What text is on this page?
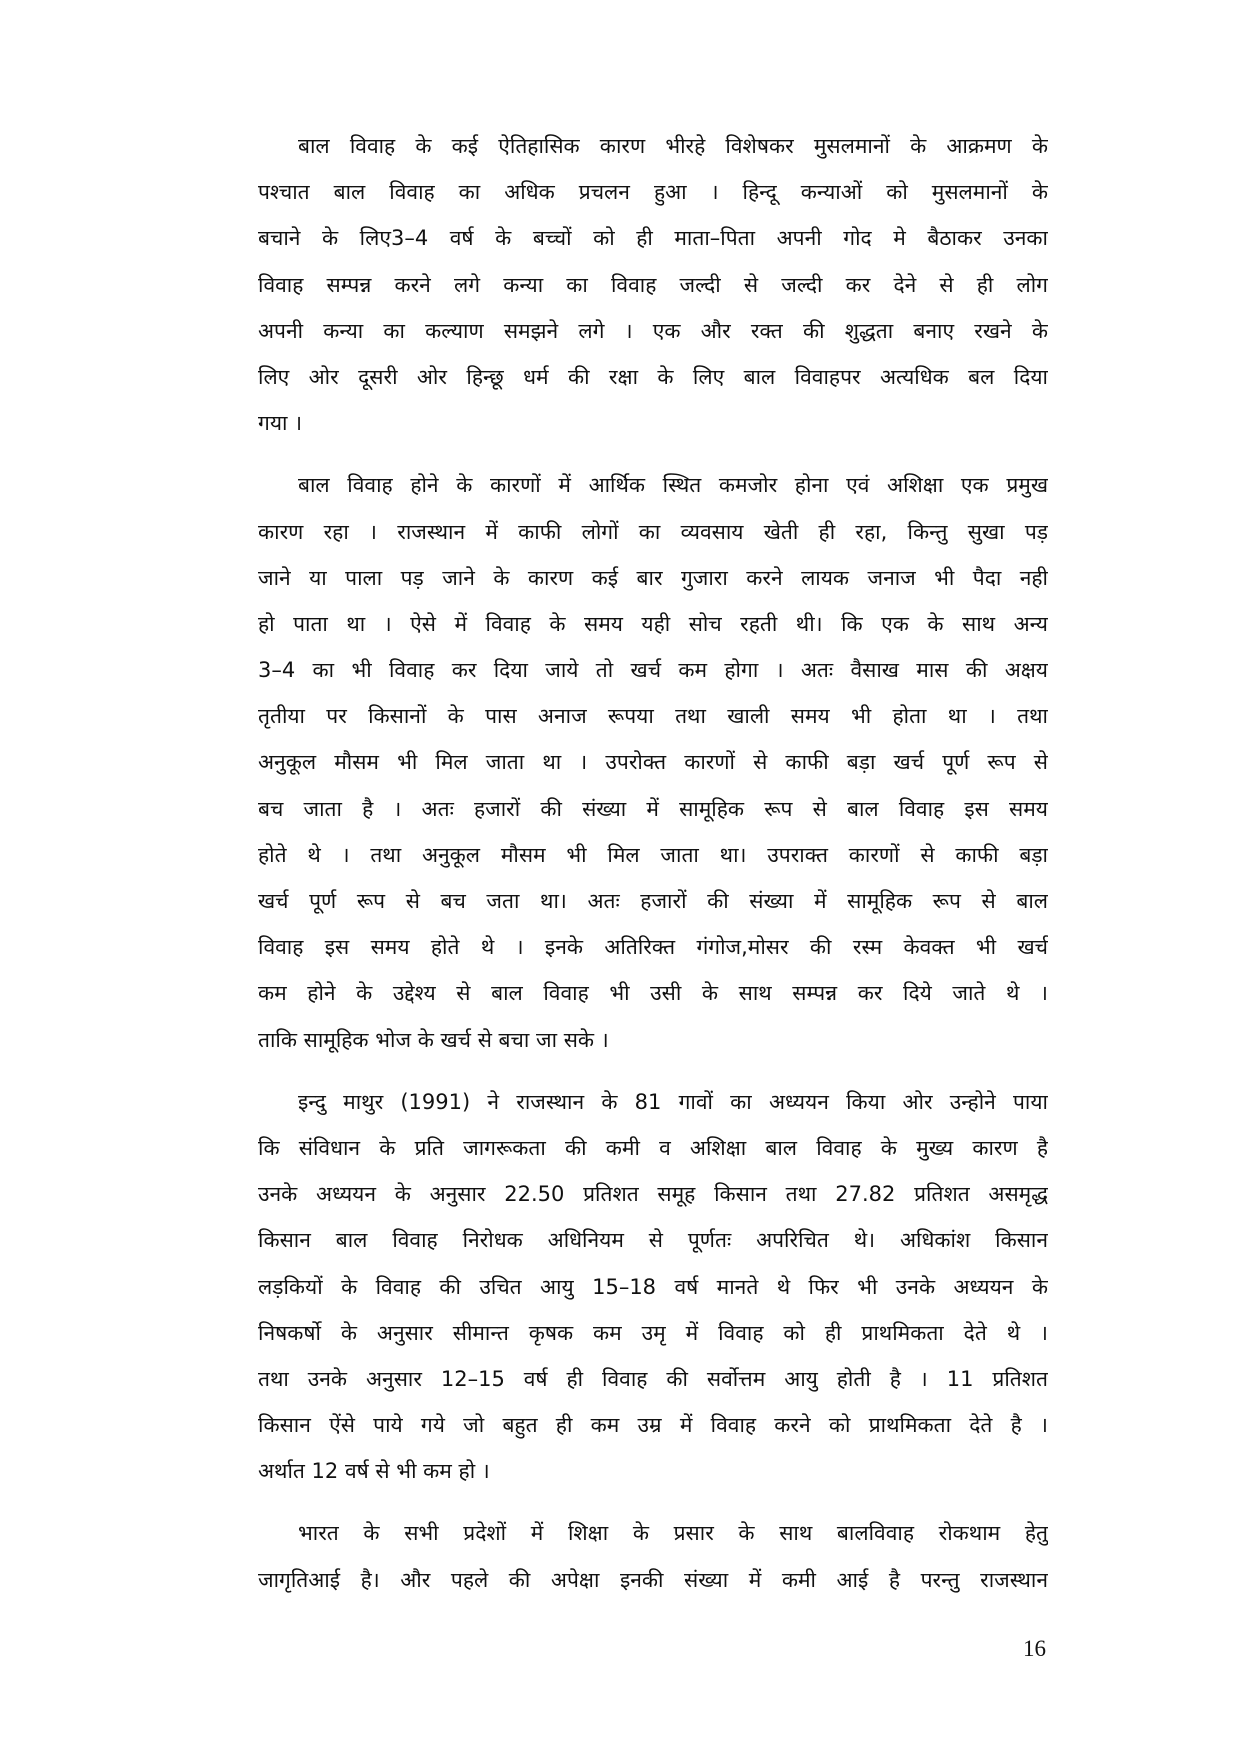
बाल विवाह के कई ऐतिहासिक कारण भीरहे विशेषकर मुसलमानों के आक्रमण के
पश्चात बाल विवाह का अधिक प्रचलन हुआ । हिन्दू कन्याओं को मुसलमानों के
बचाने के लिए3–4 वर्ष के बच्चों को ही माता–पिता अपनी गोद मे बैठाकर उनका
विवाह सम्पन्न करने लगे कन्या का विवाह जल्दी से जल्दी कर देने से ही लोग
अपनी कन्या का कल्याण समझने लगे । एक और रक्त की शुद्धता बनाए रखने के
लिए ओर दूसरी ओर हिन्छू धर्म की रक्षा के लिए बाल विवाहपर अत्यधिक बल दिया
गया ।
बाल विवाह होने के कारणों में आर्थिक स्थित कमजोर होना एवं अशिक्षा एक प्रमुख
कारण रहा । राजस्थान में काफी लोगों का व्यवसाय खेती ही रहा, किन्तु सुखा पड़
जाने या पाला पड़ जाने के कारण कई बार गुजारा करने लायक जनाज भी पैदा नही
हो पाता था । ऐसे में विवाह के समय यही सोच रहती थी। कि एक के साथ अन्य
3–4 का भी विवाह कर दिया जाये तो खर्च कम होगा । अतः वैसाख मास की अक्षय
तृतीया पर किसानों के पास अनाज रूपया तथा खाली समय भी होता था । तथा
अनुकूल मौसम भी मिल जाता था । उपरोक्त कारणों से काफी बड़ा खर्च पूर्ण रूप से
बच जाता है । अतः हजारों की संख्या में सामूहिक रूप से बाल विवाह इस समय
होते थे । तथा अनुकूल मौसम भी मिल जाता था। उपराक्त कारणों से काफी बड़ा
खर्च पूर्ण रूप से बच जता था। अतः हजारों की संख्या में सामूहिक रूप से बाल
विवाह इस समय होते थे । इनके अतिरिक्त गंगोज,मोसर की रस्म केवक्त भी खर्च
कम होने के उद्देश्य से बाल विवाह भी उसी के साथ सम्पन्न कर दिये जाते थे ।
ताकि सामूहिक भोज के खर्च से बचा जा सके ।
इन्दु माथुर (1991) ने राजस्थान के 81 गावों का अध्ययन किया ओर उन्होने पाया
कि संविधान के प्रति जागरूकता की कमी व अशिक्षा बाल विवाह के मुख्य कारण है
उनके अध्ययन के अनुसार 22.50 प्रतिशत समूह किसान तथा 27.82 प्रतिशत असमृद्ध
किसान बाल विवाह निरोधक अधिनियम से पूर्णतः अपरिचित थे। अधिकांश किसान
लड़कियों के विवाह की उचित आयु 15–18 वर्ष मानते थे फिर भी उनके अध्ययन के
निषकर्षो के अनुसार सीमान्त कृषक कम उमृ में विवाह को ही प्राथमिकता देते थे ।
तथा उनके अनुसार 12–15 वर्ष ही विवाह की सर्वोत्तम आयु होती है । 11 प्रतिशत
किसान ऐंसे पाये गये जो बहुत ही कम उम्र में विवाह करने को प्राथमिकता देते है ।
अर्थात 12 वर्ष से भी कम हो ।
भारत के सभी प्रदेशों में शिक्षा के प्रसार के साथ बालविवाह रोकथाम हेतु
जागृतिआई है। और पहले की अपेक्षा इनकी संख्या में कमी आई है परन्तु राजस्थान
16
